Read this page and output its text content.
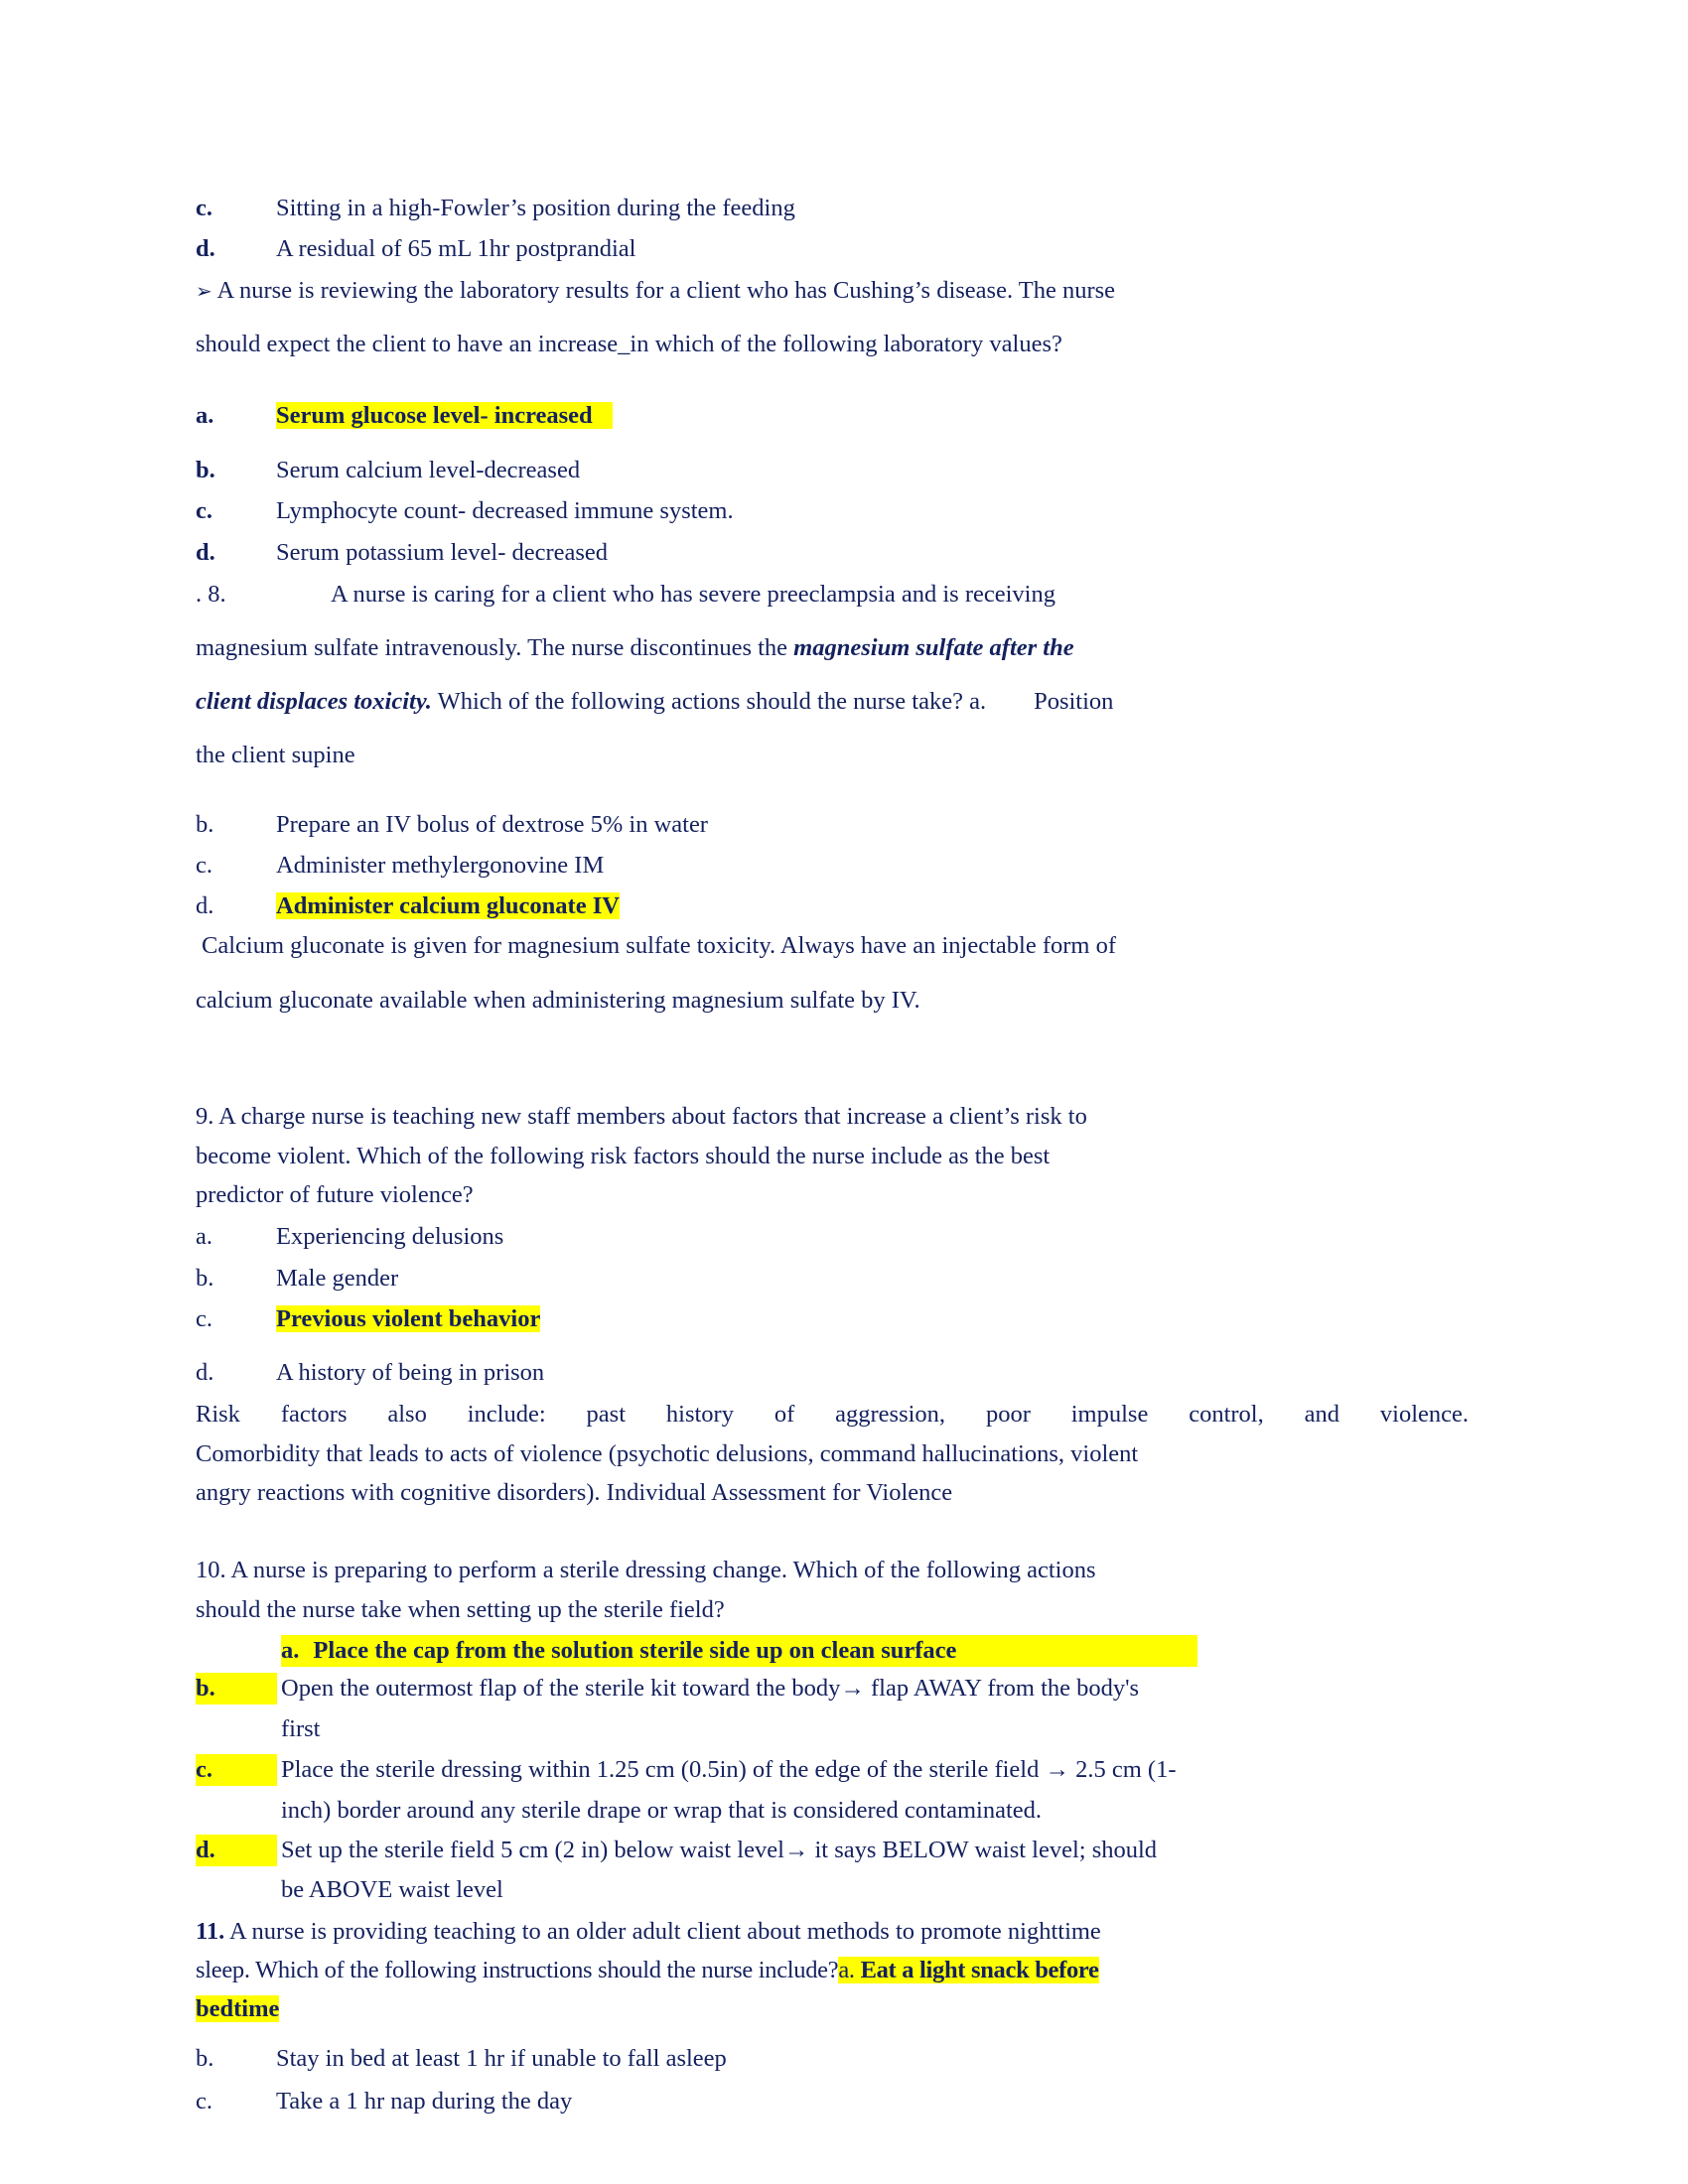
c.	Sitting in a high-Fowler’s position during the feeding
d. A residual of 65 mL 1hr postprandial
➢ A nurse is reviewing the laboratory results for a client who has Cushing’s disease. The nurse
should expect the client to have an increase_in which of the following laboratory values?
a.	Serum glucose level- increased
b. Serum calcium level-decreased
c.	Lymphocyte count- decreased immune system.
d. Serum potassium level- decreased
. 8.	A nurse is caring for a client who has severe preeclampsia and is receiving
magnesium sulfate intravenously. The nurse discontinues the magnesium sulfate after the
client displaces toxicity. Which of the following actions should the nurse take? a. Position
the client supine
b.	Prepare an IV bolus of dextrose 5% in water
c.	Administer methylergonovine IM
d.	Administer calcium gluconate IV
Calcium gluconate is given for magnesium sulfate toxicity. Always have an injectable form of
calcium gluconate available when administering magnesium sulfate by IV.
9. A charge nurse is teaching new staff members about factors that increase a client’s risk to
become violent. Which of the following risk factors should the nurse include as the best
predictor of future violence?
a.	Experiencing delusions
b.	Male gender
c.	Previous violent behavior
d.	A history of being in prison
Risk factors also include: past history of aggression, poor impulse control, and violence.
Comorbidity that leads to acts of violence (psychotic delusions, command hallucinations, violent
angry reactions with cognitive disorders). Individual Assessment for Violence
10. A nurse is preparing to perform a sterile dressing change. Which of the following actions
should the nurse take when setting up the sterile field?
a. Place the cap from the solution sterile side up on clean surface
b.	Open the outermost flap of the sterile kit toward the body→ flap AWAY from the body's
first
c.	Place the sterile dressing within 1.25 cm (0.5in) of the edge of the sterile field → 2.5 cm (1-
inch) border around any sterile drape or wrap that is considered contaminated.
d.	Set up the sterile field 5 cm (2 in) below waist level→ it says BELOW waist level; should
be ABOVE waist level
11. A nurse is providing teaching to an older adult client about methods to promote nighttime
sleep. Which of the following instructions should the nurse include?a. Eat a light snack before
bedtime
b.	Stay in bed at least 1 hr if unable to fall asleep
c.	Take a 1 hr nap during the day
